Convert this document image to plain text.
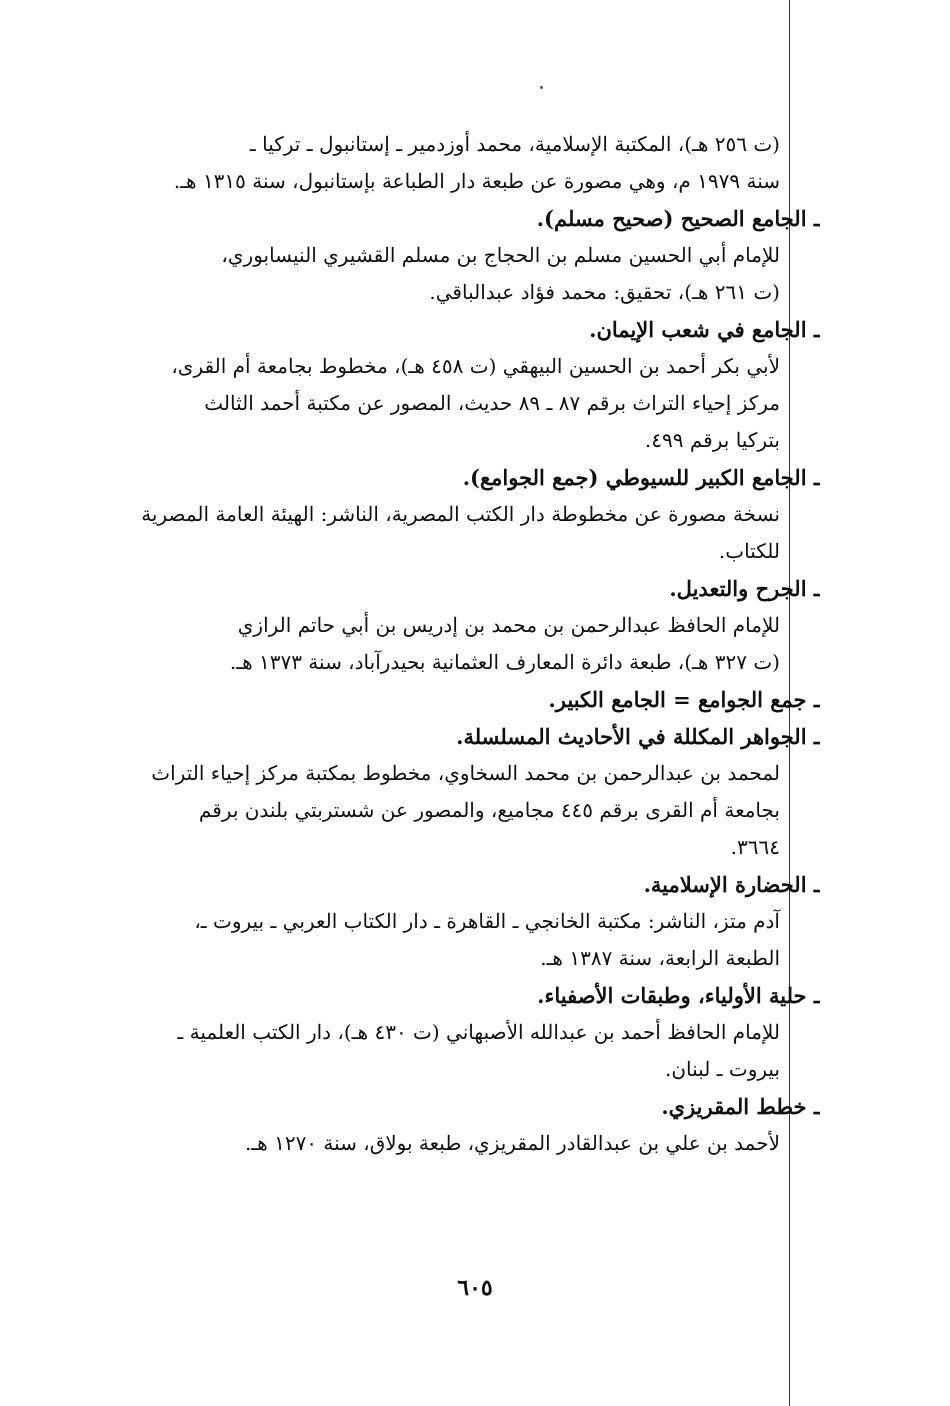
(ت ٢٥٦ هـ)، المكتبة الإسلامية، محمد أوزدمير ـ إستانبول ـ تركيا ـ
سنة ١٩٧٩ م، وهي مصورة عن طبعة دار الطباعة بإستانبول، سنة ١٣١٥ هـ.
ـ الجامع الصحيح (صحيح مسلم).
للإمام أبي الحسين مسلم بن الحجاج بن مسلم القشيري النيسابوري،
(ت ٢٦١ هـ)، تحقيق: محمد فؤاد عبدالباقي.
ـ الجامع في شعب الإيمان.
لأبي بكر أحمد بن الحسين البيهقي (ت ٤٥٨ هـ)، مخطوط بجامعة أم القرى،
مركز إحياء التراث برقم ٨٧ ـ ٨٩ حديث، المصور عن مكتبة أحمد الثالث
بتركيا برقم ٤٩٩.
ـ الجامع الكبير للسيوطي (جمع الجوامع).
نسخة مصورة عن مخطوطة دار الكتب المصرية، الناشر: الهيئة العامة المصرية
للكتاب.
ـ الجرح والتعديل.
للإمام الحافظ عبدالرحمن بن محمد بن إدريس بن أبي حاتم الرازي
(ت ٣٢٧ هـ)، طبعة دائرة المعارف العثمانية بحيدرآباد، سنة ١٣٧٣ هـ.
ـ جمع الجوامع = الجامع الكبير.
ـ الجواهر المكللة في الأحاديث المسلسلة.
لمحمد بن عبدالرحمن بن محمد السخاوي، مخطوط بمكتبة مركز إحياء التراث
بجامعة أم القرى برقم ٤٤٥ مجاميع، والمصور عن شستربتي بلندن برقم
٣٦٦٤.
ـ الحضارة الإسلامية.
آدم متز، الناشر: مكتبة الخانجي ـ القاهرة ـ دار الكتاب العربي ـ بيروت ـ،
الطبعة الرابعة، سنة ١٣٨٧ هـ.
ـ حلية الأولياء، وطبقات الأصفياء.
للإمام الحافظ أحمد بن عبدالله الأصبهاني (ت ٤٣٠ هـ)، دار الكتب العلمية ـ
بيروت ـ لبنان.
ـ خطط المقريزي.
لأحمد بن علي بن عبدالقادر المقريزي، طبعة بولاق، سنة ١٢٧٠ هـ.
٦٠٥
